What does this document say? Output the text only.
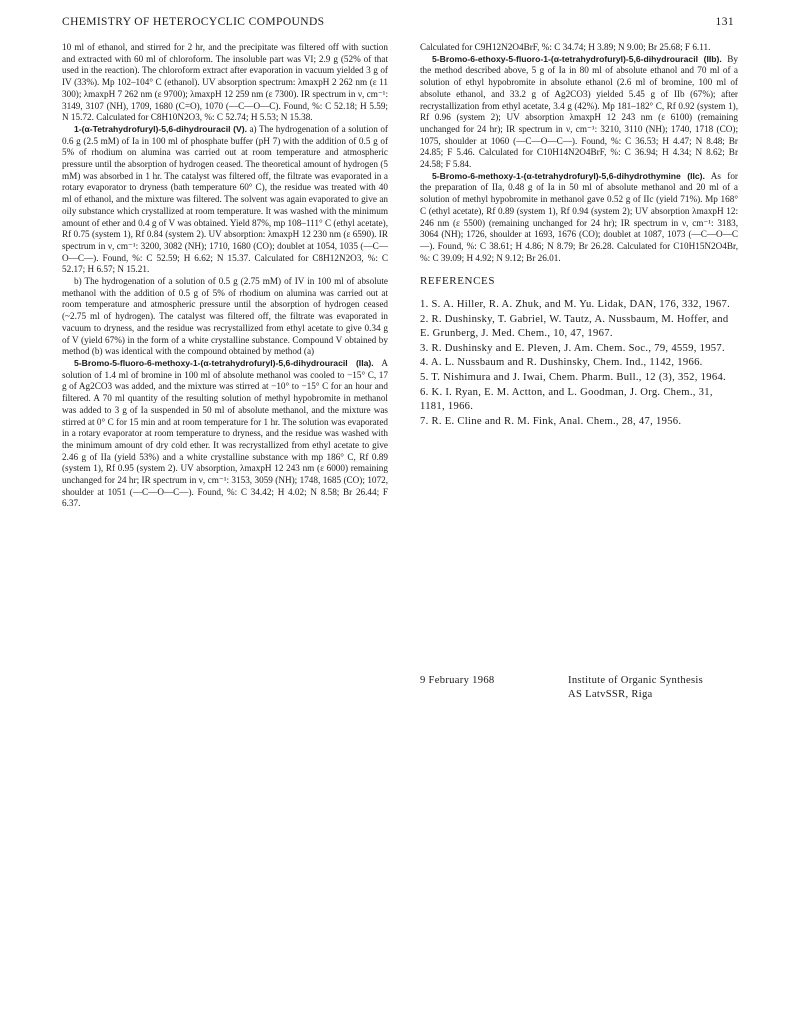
CHEMISTRY OF HETEROCYCLIC COMPOUNDS	131

10 ml of ethanol, and stirred for 2 hr, and the precipitate was filtered off with suction and extracted with 60 ml of chloroform. The insoluble part was VI; 2.9 g (52% of that used in the reaction). The chloroform extract after evaporation in vacuum yielded 3 g of IV (33%). Mp 102–104° C (ethanol). UV absorption spectrum: λmaxpH 2 262 nm (ε 11 300); λmaxpH 7 262 nm (ε 9700); λmaxpH 12 259 nm (ε 7300). IR spectrum in ν, cm⁻¹: 3149, 3107 (NH), 1709, 1680 (C=O), 1070 (—C—O—C). Found, %: C 52.18; H 5.59; N 15.72. Calculated for C8H10N2O3, %: C 52.74; H 5.53; N 15.38.

1-(α-Tetrahydrofuryl)-5,6-dihydrouracil (V). a) The hydrogenation of a solution of 0.6 g (2.5 mM) of Ia in 100 ml of phosphate buffer (pH 7) with the addition of 0.5 g of 5% of rhodium on alumina was carried out at room temperature and atmospheric pressure until the absorption of hydrogen ceased. The theoretical amount of hydrogen (5 mM) was absorbed in 1 hr. The catalyst was filtered off, the filtrate was evaporated in a rotary evaporator to dryness (bath temperature 60° C), the residue was treated with 40 ml of ethanol, and the mixture was filtered. The solvent was again evaporated to give an oily substance which crystallized at room temperature. It was washed with the minimum amount of ether and 0.4 g of V was obtained. Yield 87%, mp 108–111° C (ethyl acetate), Rf 0.75 (system 1), Rf 0.84 (system 2). UV absorption: λmaxpH 12 230 nm (ε 6590). IR spectrum in ν, cm⁻¹: 3200, 3082 (NH); 1710, 1680 (CO); doublet at 1054, 1035 (—C—O—C—). Found, %: C 52.59; H 6.62; N 15.37. Calculated for C8H12N2O3, %: C 52.17; H 6.57; N 15.21.

b) The hydrogenation of a solution of 0.5 g (2.75 mM) of IV in 100 ml of absolute methanol with the addition of 0.5 g of 5% of rhodium on alumina was carried out at room temperature and atmospheric pressure until the absorption of hydrogen ceased (~2.75 ml of hydrogen). The catalyst was filtered off, the filtrate was evaporated in vacuum to dryness, and the residue was recrystallized from ethyl acetate to give 0.34 g of V (yield 67%) in the form of a white crystalline substance. Compound V obtained by method (b) was identical with the compound obtained by method (a)

5-Bromo-5-fluoro-6-methoxy-1-(α-tetrahydrofuryl)-5,6-dihydrouracil (IIa). A solution of 1.4 ml of bromine in 100 ml of absolute methanol was cooled to −15° C, 17 g of Ag2CO3 was added, and the mixture was stirred at −10° to −15° C for an hour and filtered. A 70 ml quantity of the resulting solution of methyl hypobromite in methanol was added to 3 g of Ia suspended in 50 ml of absolute methanol, and the mixture was stirred at 0° C for 15 min and at room temperature for 1 hr. The solution was evaporated in a rotary evaporator at room temperature to dryness, and the residue was washed with the minimum amount of dry cold ether. It was recrystallized from ethyl acetate to give 2.46 g of IIa (yield 53%) and a white crystalline substance with mp 186° C, Rf 0.89 (system 1), Rf 0.95 (system 2). UV absorption, λmaxpH 12 243 nm (ε 6000) remaining unchanged for 24 hr; IR spectrum in ν, cm⁻¹: 3153, 3059 (NH); 1748, 1685 (CO); 1072, shoulder at 1051 (—C—O—C—). Found, %: C 34.42; H 4.02; N 8.58; Br 26.44; F 6.37.

Calculated for C9H12N2O4BrF, %: C 34.74; H 3.89; N 9.00; Br 25.68; F 6.11.

5-Bromo-6-ethoxy-5-fluoro-1-(α-tetrahydrofuryl)-5,6-dihydrouracil (IIb). By the method described above, 5 g of Ia in 80 ml of absolute ethanol and 70 ml of a solution of ethyl hypobromite in absolute ethanol (2.6 ml of bromine, 100 ml of absolute ethanol, and 33.2 g of Ag2CO3) yielded 5.45 g of IIb (67%); after recrystallization from ethyl acetate, 3.4 g (42%). Mp 181–182° C, Rf 0.92 (system 1), Rf 0.96 (system 2); UV absorption λmaxpH 12 243 nm (ε 6100) (remaining unchanged for 24 hr); IR spectrum in ν, cm⁻¹: 3210, 3110 (NH); 1740, 1718 (CO); 1075, shoulder at 1060 (—C—O—C—). Found, %: C 36.53; H 4.47; N 8.48; Br 24.85; F 5.46. Calculated for C10H14N2O4BrF, %: C 36.94; H 4.34; N 8.62; Br 24.58; F 5.84.

5-Bromo-6-methoxy-1-(α-tetrahydrofuryl)-5,6-dihydrothymine (IIc). As for the preparation of IIa, 0.48 g of Ia in 50 ml of absolute methanol and 20 ml of a solution of methyl hypobromite in methanol gave 0.52 g of IIc (yield 71%). Mp 168° C (ethyl acetate), Rf 0.89 (system 1), Rf 0.94 (system 2); UV absorption λmaxpH 12: 246 nm (ε 5500) (remaining unchanged for 24 hr); IR spectrum in ν, cm⁻¹: 3183, 3064 (NH); 1726, shoulder at 1693, 1676 (CO); doublet at 1087, 1073 (—C—O—C—). Found, %: C 38.61; H 4.86; N 8.79; Br 26.28. Calculated for C10H15N2O4Br, %: C 39.09; H 4.92; N 9.12; Br 26.01.

REFERENCES

1. S. A. Hiller, R. A. Zhuk, and M. Yu. Lidak, DAN, 176, 332, 1967.

2. R. Dushinsky, T. Gabriel, W. Tautz, A. Nussbaum, M. Hoffer, and E. Grunberg, J. Med. Chem., 10, 47, 1967.

3. R. Dushinsky and E. Pleven, J. Am. Chem. Soc., 79, 4559, 1957.

4. A. L. Nussbaum and R. Dushinsky, Chem. Ind., 1142, 1966.

5. T. Nishimura and J. Iwai, Chem. Pharm. Bull., 12 (3), 352, 1964.

6. K. I. Ryan, E. M. Actton, and L. Goodman, J. Org. Chem., 31, 1181, 1966.

7. R. E. Cline and R. M. Fink, Anal. Chem., 28, 47, 1956.

9 February 1968	Institute of Organic Synthesis
AS LatvSSR, Riga
